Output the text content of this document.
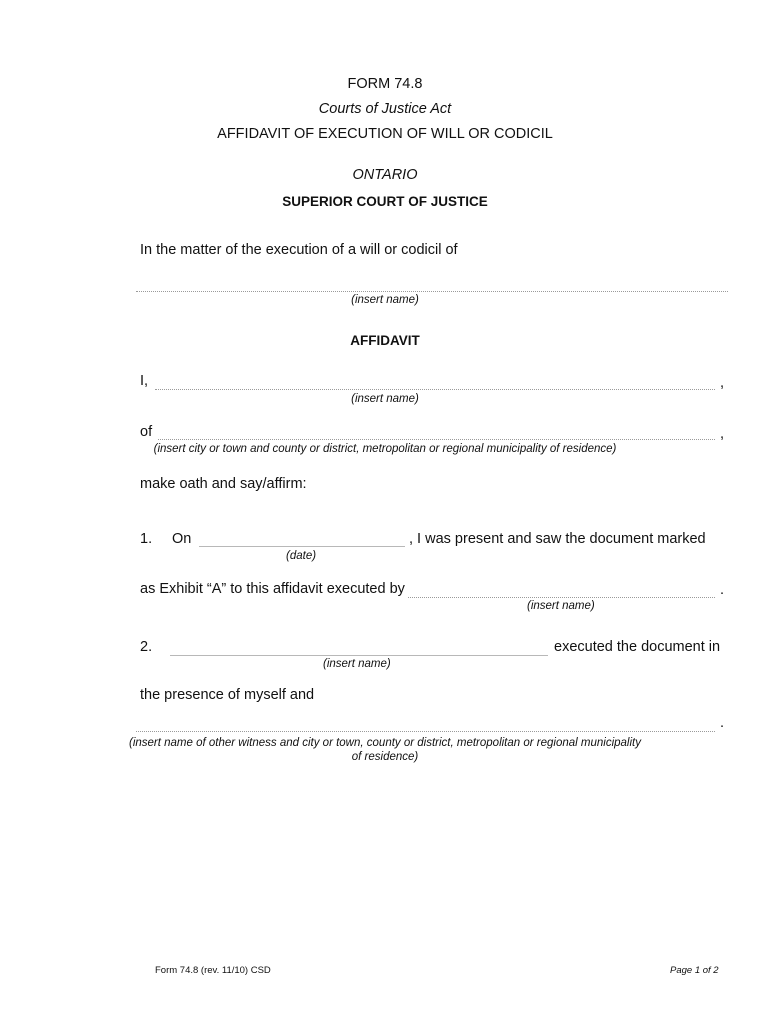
FORM 74.8
Courts of Justice Act
AFFIDAVIT OF EXECUTION OF WILL OR CODICIL
ONTARIO
SUPERIOR COURT OF JUSTICE
In the matter of the execution of a will or codicil of
(insert name)
AFFIDAVIT
I,	,
(insert name)
of	,
(insert city or town and county or district, metropolitan or regional municipality of residence)
make oath and say/affirm:
1. On	, I was present and saw the document marked
(date)
as Exhibit “A” to this affidavit executed by	.
(insert name)
2.	executed the document in
(insert name)
the presence of myself and
.
(insert name of other witness and city or town, county or district, metropolitan or regional municipality
of residence)
Form 74.8 (rev. 11/10) CSD	Page 1 of 2
